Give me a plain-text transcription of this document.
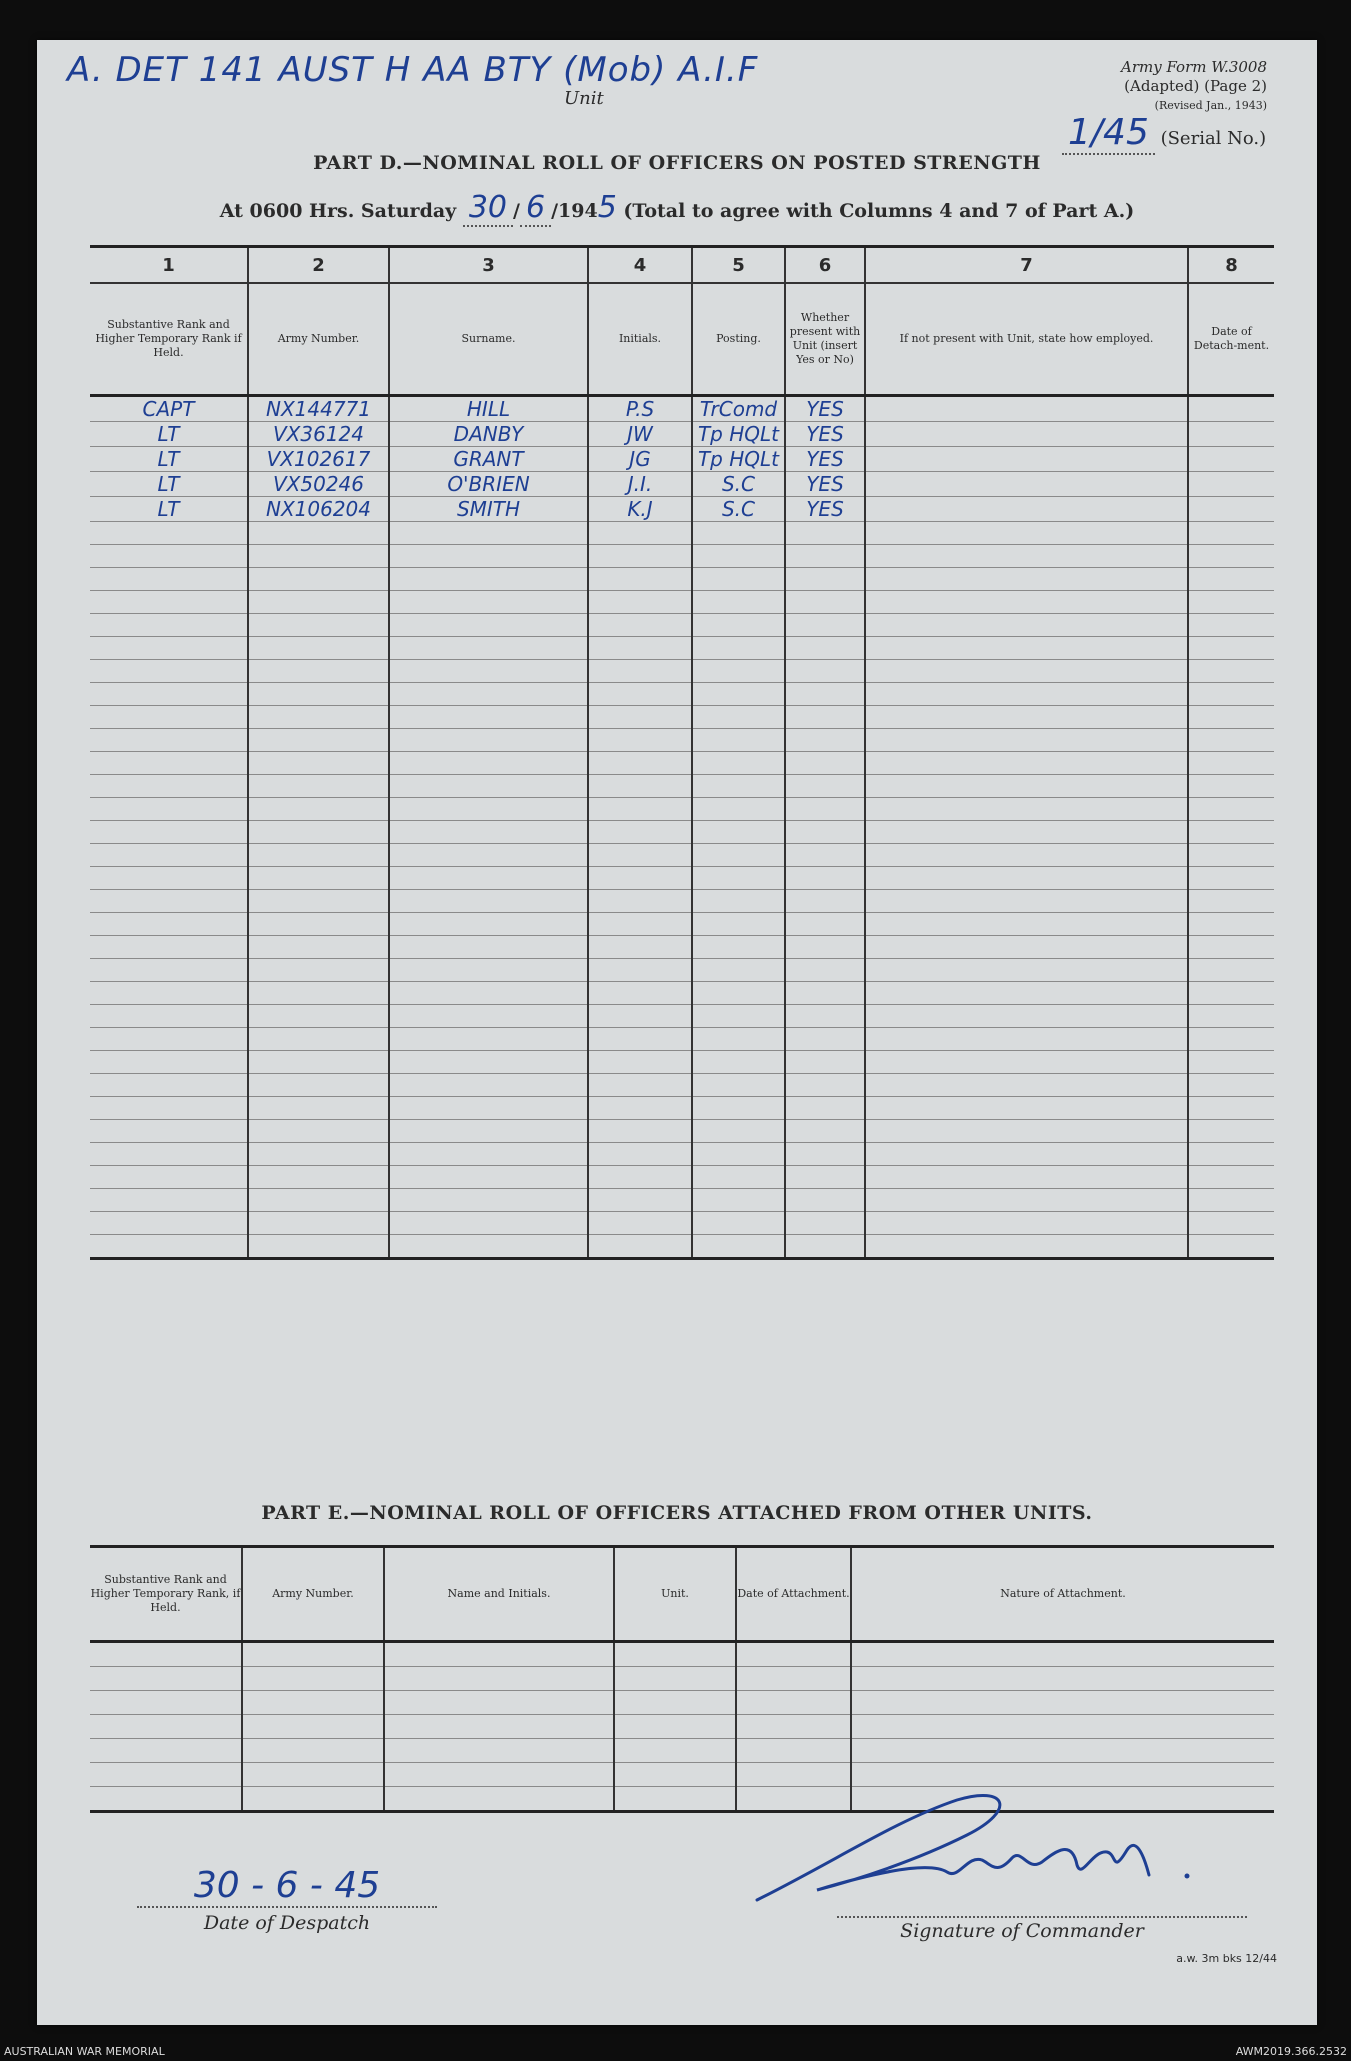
A. DET 141 AUST H AA BTY (Mob) A.I.F
Unit
Army Form W.3008
(Adapted) (Page 2)
(Revised Jan., 1943)
1/45 (Serial No.)
PART D.—NOMINAL ROLL OF OFFICERS ON POSTED STRENGTH
At 0600 Hrs. Saturday 30 / 6 /1945 (Total to agree with Columns 4 and 7 of Part A.)
1	2	3	4	5	6	7	8
Substantive Rank and Higher Temporary Rank if Held.	Army Number.	Surname.	Initials.	Posting.	Whether present with Unit (insert Yes or No)	If not present with Unit, state how employed.	Date of Detach-ment.
CAPT	NX144771	HILL	P.S	TrComd	YES		
LT	VX36124	DANBY	JW	Tp HQLt	YES		
LT	VX102617	GRANT	JG	Tp HQLt	YES		
LT	VX50246	O'BRIEN	J.I.	S.C	YES		
LT	NX106204	SMITH	K.J	S.C	YES		

PART E.—NOMINAL ROLL OF OFFICERS ATTACHED FROM OTHER UNITS.
Substantive Rank and Higher Temporary Rank, if Held.	Army Number.	Name and Initials.	Unit.	Date of Attachment.	Nature of Attachment.

30 - 6 - 45
Date of Despatch	Signature of Commander
a.w. 3m bks 12/44
AUSTRALIAN WAR MEMORIAL	AWM2019.366.2532
